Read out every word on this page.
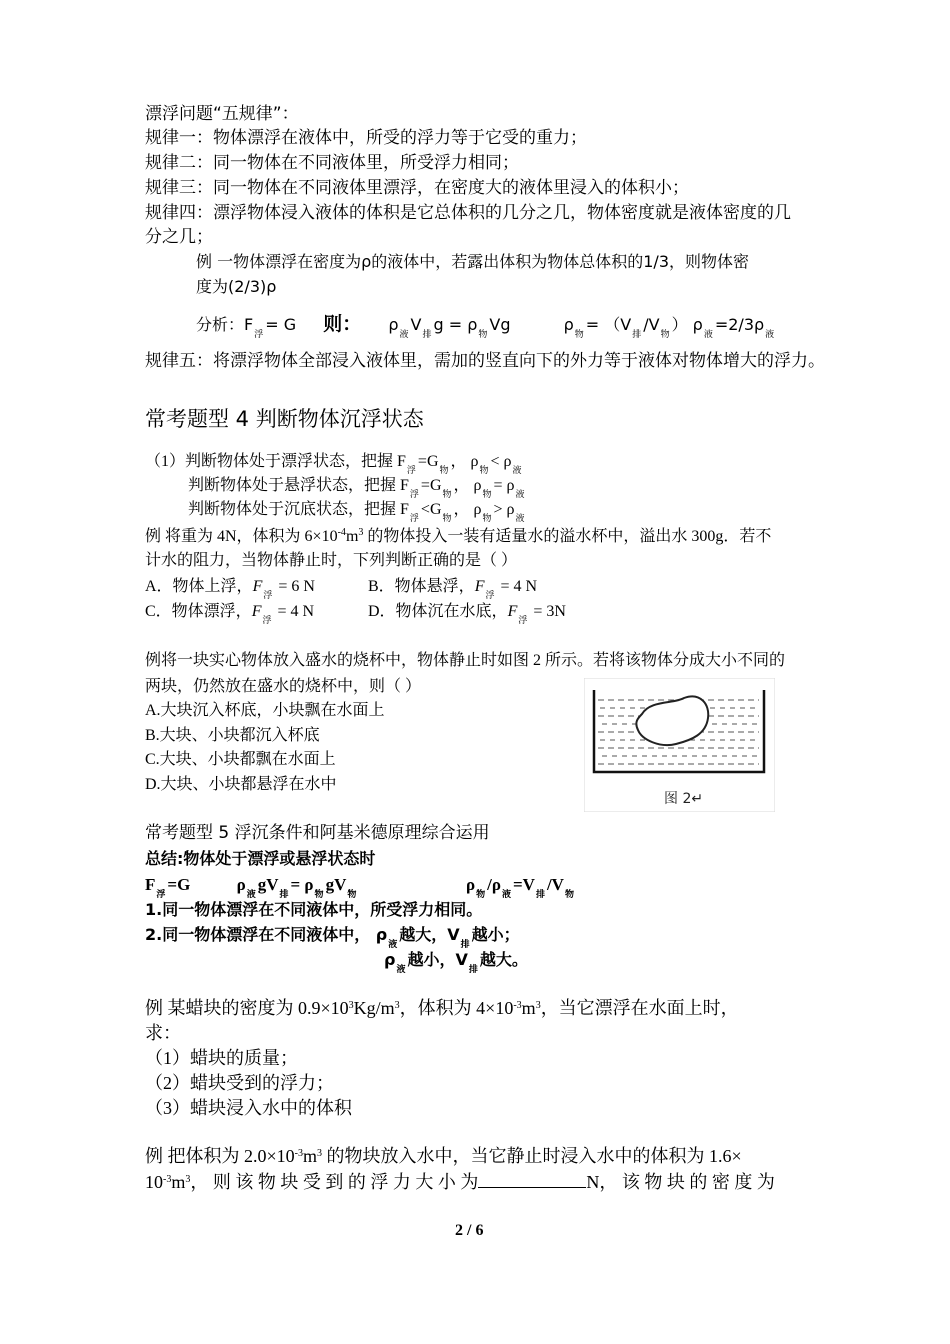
漂浮问题“五规律”：
规律一：物体漂浮在液体中，所受的浮力等于它受的重力；
规律二：同一物体在不同液体里，所受浮力相同；
规律三：同一物体在不同液体里漂浮，在密度大的液体里浸入的体积小；
规律四：漂浮物体浸入液体的体积是它总体积的几分之几，物体密度就是液体密度的几
分之几；
例 一物体漂浮在密度为ρ的液体中，若露出体积为物体总体积的1/3，则物体密
度为(2/3)ρ
分析：$F_浮= G$ 则： $\rho_液V_排g = \rho_物Vg$	$\rho_物= (V_排/V_物)$ $\rho_液=2/3\rho_液$
规律五：将漂浮物体全部浸入液体里，需加的竖直向下的外力等于液体对物体增大的浮力。
常考题型 4 判断物体沉浮状态
（1）判断物体处于漂浮状态，把握 $F_浮 =G_物$ ， $\rho_物 < \rho_液$
判断物体处于悬浮状态，把握 $F_浮 =G_物$ ， $\rho_物 = \rho_液$
判断物体处于沉底状态，把握 $F_浮 <G_物$ ， $\rho_物 > \rho_液$
例 将重为 4N，体积为 $6\times 10^{-4}m^3$ 的物体投入一装有适量水的溢水杯中，溢出水 300g．若不
计水的阻力，当物体静止时，下列判断正确的是（ ）
A．物体上浮，$F_浮 = 6$ N	B．物体悬浮，$F_浮 = 4$ N
C．物体漂浮，$F_浮 = 4$ N	D．物体沉在水底，$F_浮 = 3N$
例将一块实心物体放入盛水的烧杯中，物体静止时如图 2 所示。若将该物体分成大小不同的
两块，仍然放在盛水的烧杯中，则（ ）
A.大块沉入杯底，小块飘在水面上
B.大块、小块都沉入杯底
C.大块、小块都飘在水面上
D.大块、小块都悬浮在水中
图 2↵
常考题型 5 浮沉条件和阿基米德原理综合运用
总结:物体处于漂浮或悬浮状态时
$F_浮 =G$	$\rho_液$ $gV_排 = \rho_物$ $gV_物$	$\rho_物$ $/\rho_液 =V_排$ $/V_物$
1.同一物体漂浮在不同液体中，所受浮力相同。
2.同一物体漂浮在不同液体中， $\rho_液$越大，$V_排$越小；
$\rho_液$越小，$V_排$越大。
例 某蜡块的密度为 $0.9\times 10^3Kg/m^3$，体积为 $4\times 10^{-3}m^3$，当它漂浮在水面上时，
求：
（1）蜡块的质量；
（2）蜡块受到的浮力；
（3）蜡块浸入水中的体积
例 把体积为 $2.0\times 10^{-3}m^3$ 的物块放入水中，当它静止时浸入水中的体积为 1.6×
$10^{-3}m^3$， 则 该 物 块 受 到 的 浮 力 大 小 为	N， 该 物 块 的 密 度 为
2 / 6
